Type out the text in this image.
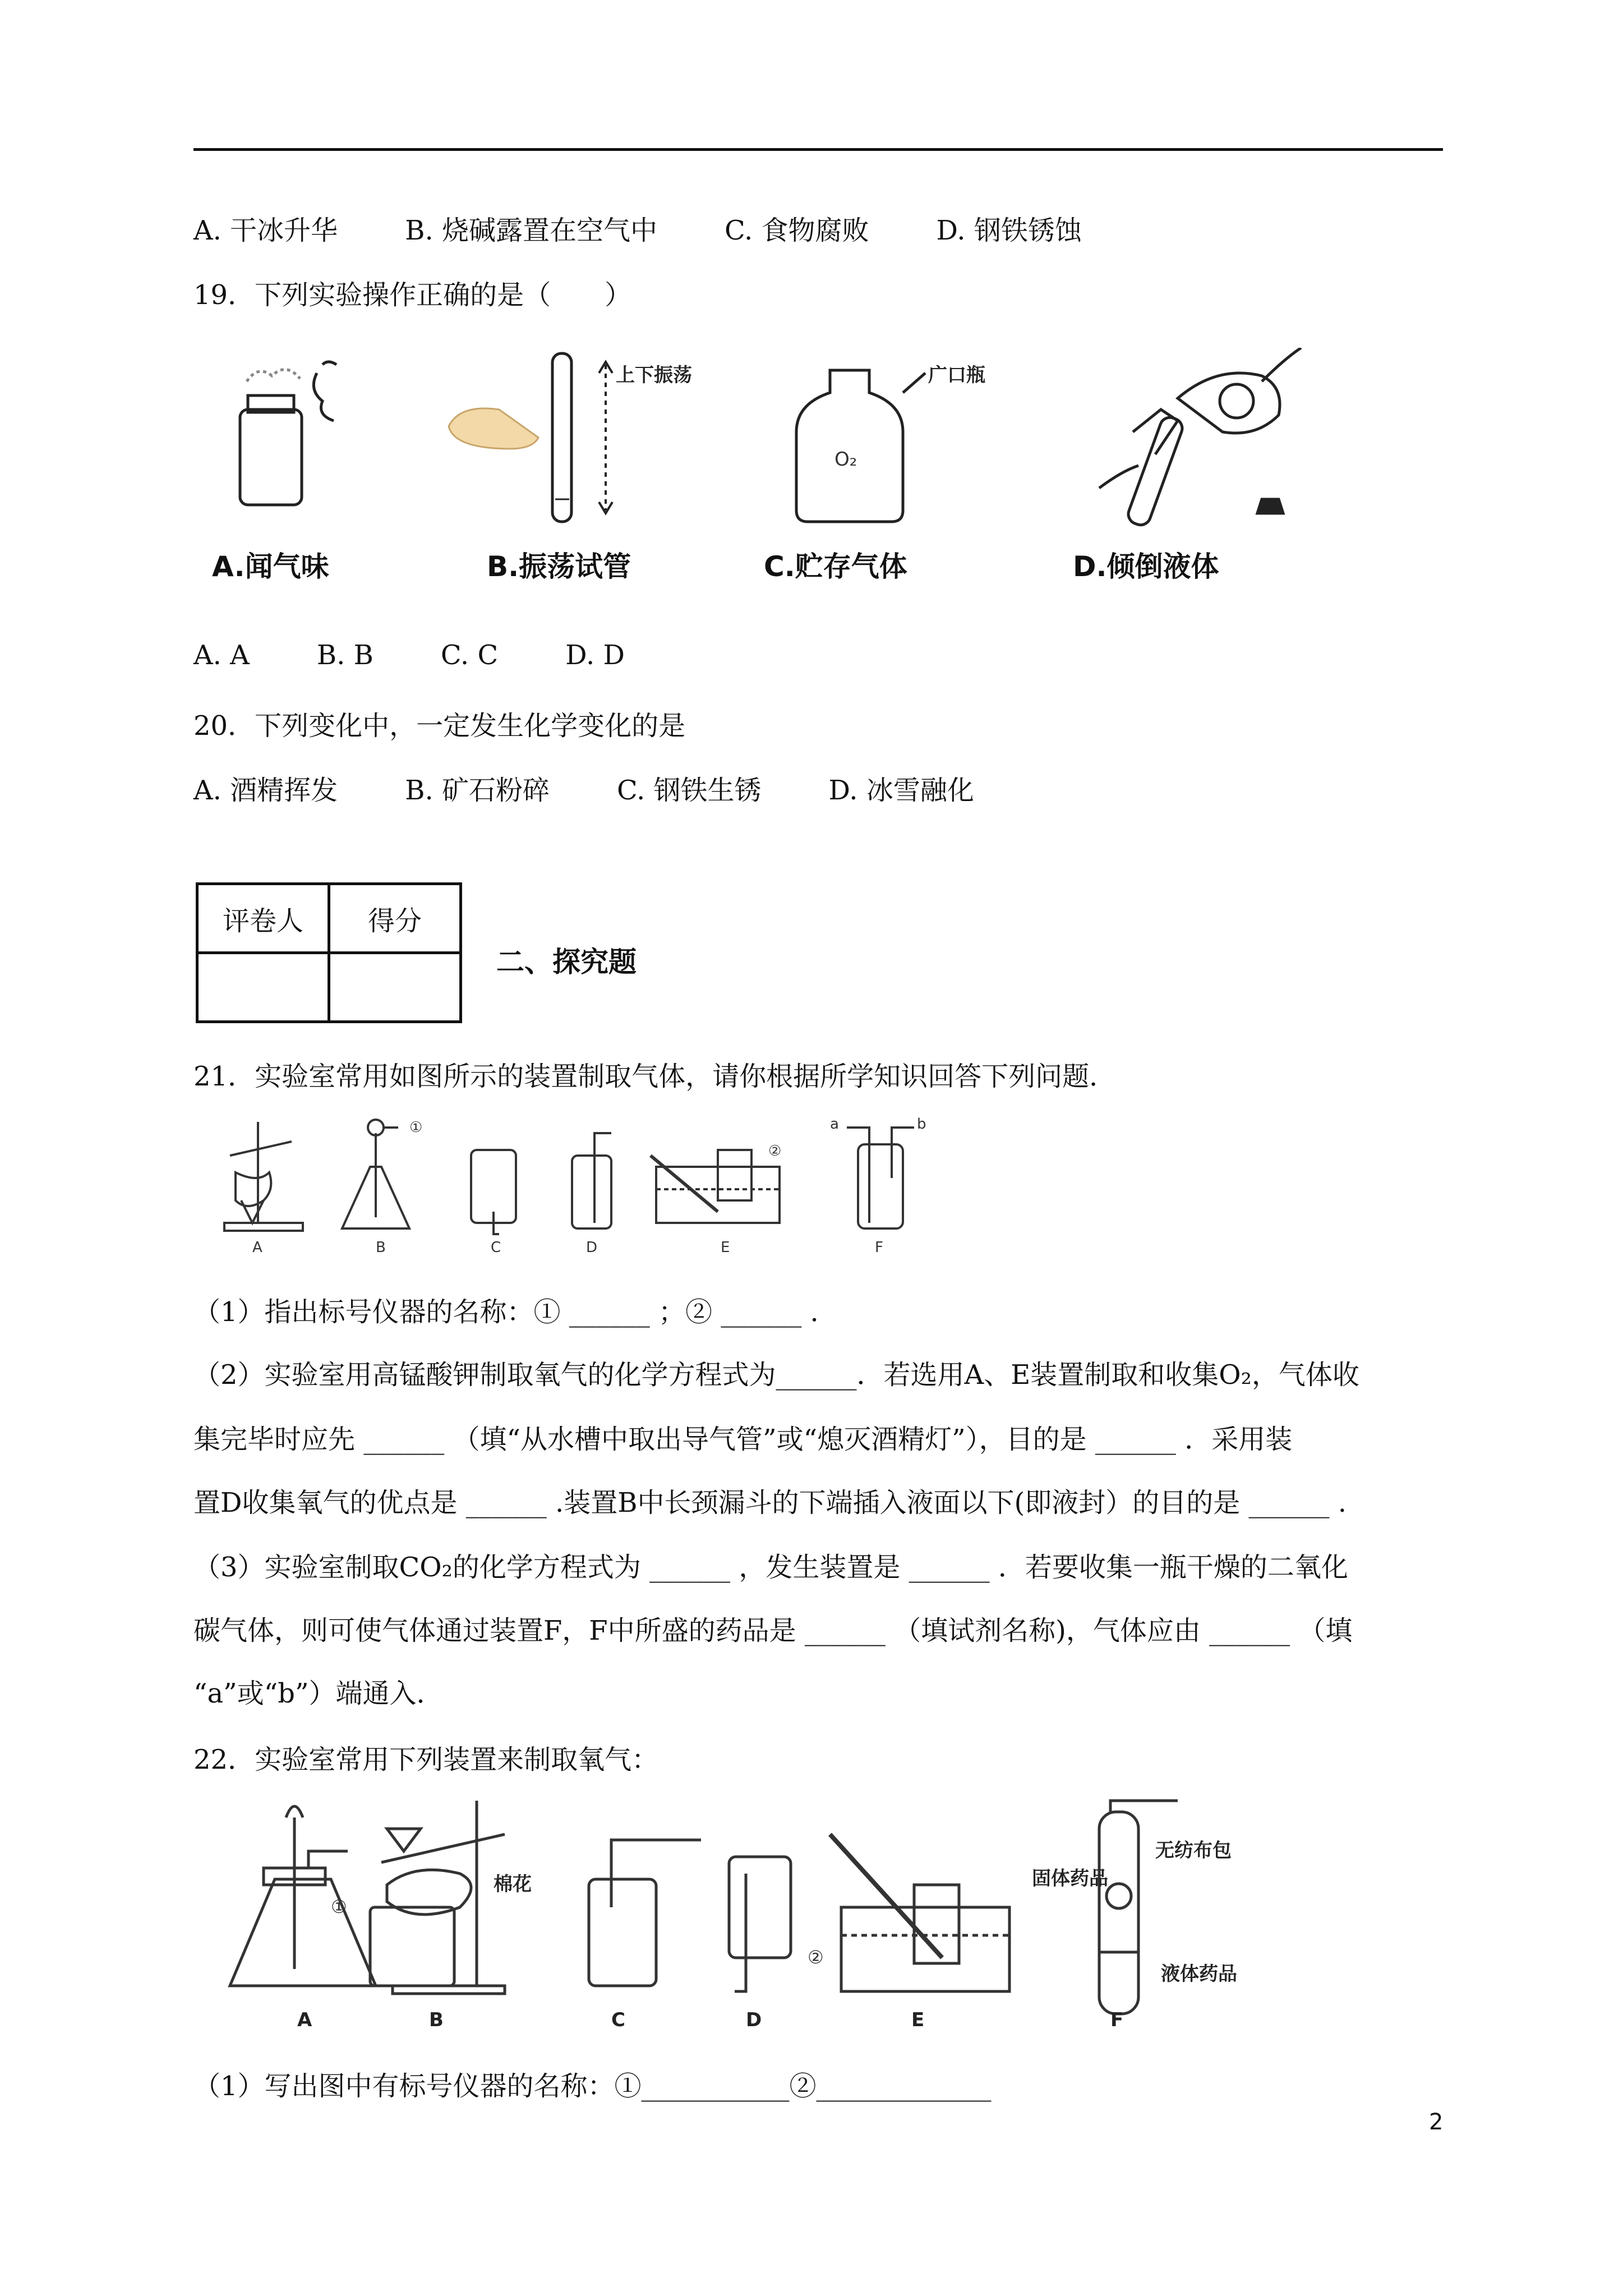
A. 干冰升华	B. 烧碱露置在空气中	C. 食物腐败	D. 钢铁锈蚀
19．下列实验操作正确的是（　　）
上下振荡
O₂
广口瓶
A.闻气味	B.振荡试管	C.贮存气体	D.倾倒液体
A. A	B. B	C. C	D. D
20．下列变化中，一定发生化学变化的是
A. 酒精挥发	B. 矿石粉碎	C. 钢铁生锈	D. 冰雪融化
评卷人	得分

二、探究题
21．实验室常用如图所示的装置制取气体，请你根据所学知识回答下列问题．
①
②
a	b
A	B	C	D	E	F
（1）指出标号仪器的名称：① ______ ；② ______ ．
（2）实验室用高锰酸钾制取氧气的化学方程式为______．若选用A、E装置制取和收集O₂，气体收
集完毕时应先 ______ （填“从水槽中取出导气管”或“熄灭酒精灯”），目的是 ______ ．采用装
置D收集氧气的优点是 ______ .装置B中长颈漏斗的下端插入液面以下(即液封）的目的是 ______ .
（3）实验室制取CO₂的化学方程式为 ______ ，发生装置是 ______ ．若要收集一瓶干燥的二氧化
碳气体，则可使气体通过装置F，F中所盛的药品是 ______ （填试剂名称)，气体应由 ______ （填
“a”或“b”）端通入．
22．实验室常用下列装置来制取氧气：
①
②
棉花
无纺布包
固体药品
液体药品
A	B	C	D	E	F
（1）写出图中有标号仪器的名称：①___________②_____________
2
